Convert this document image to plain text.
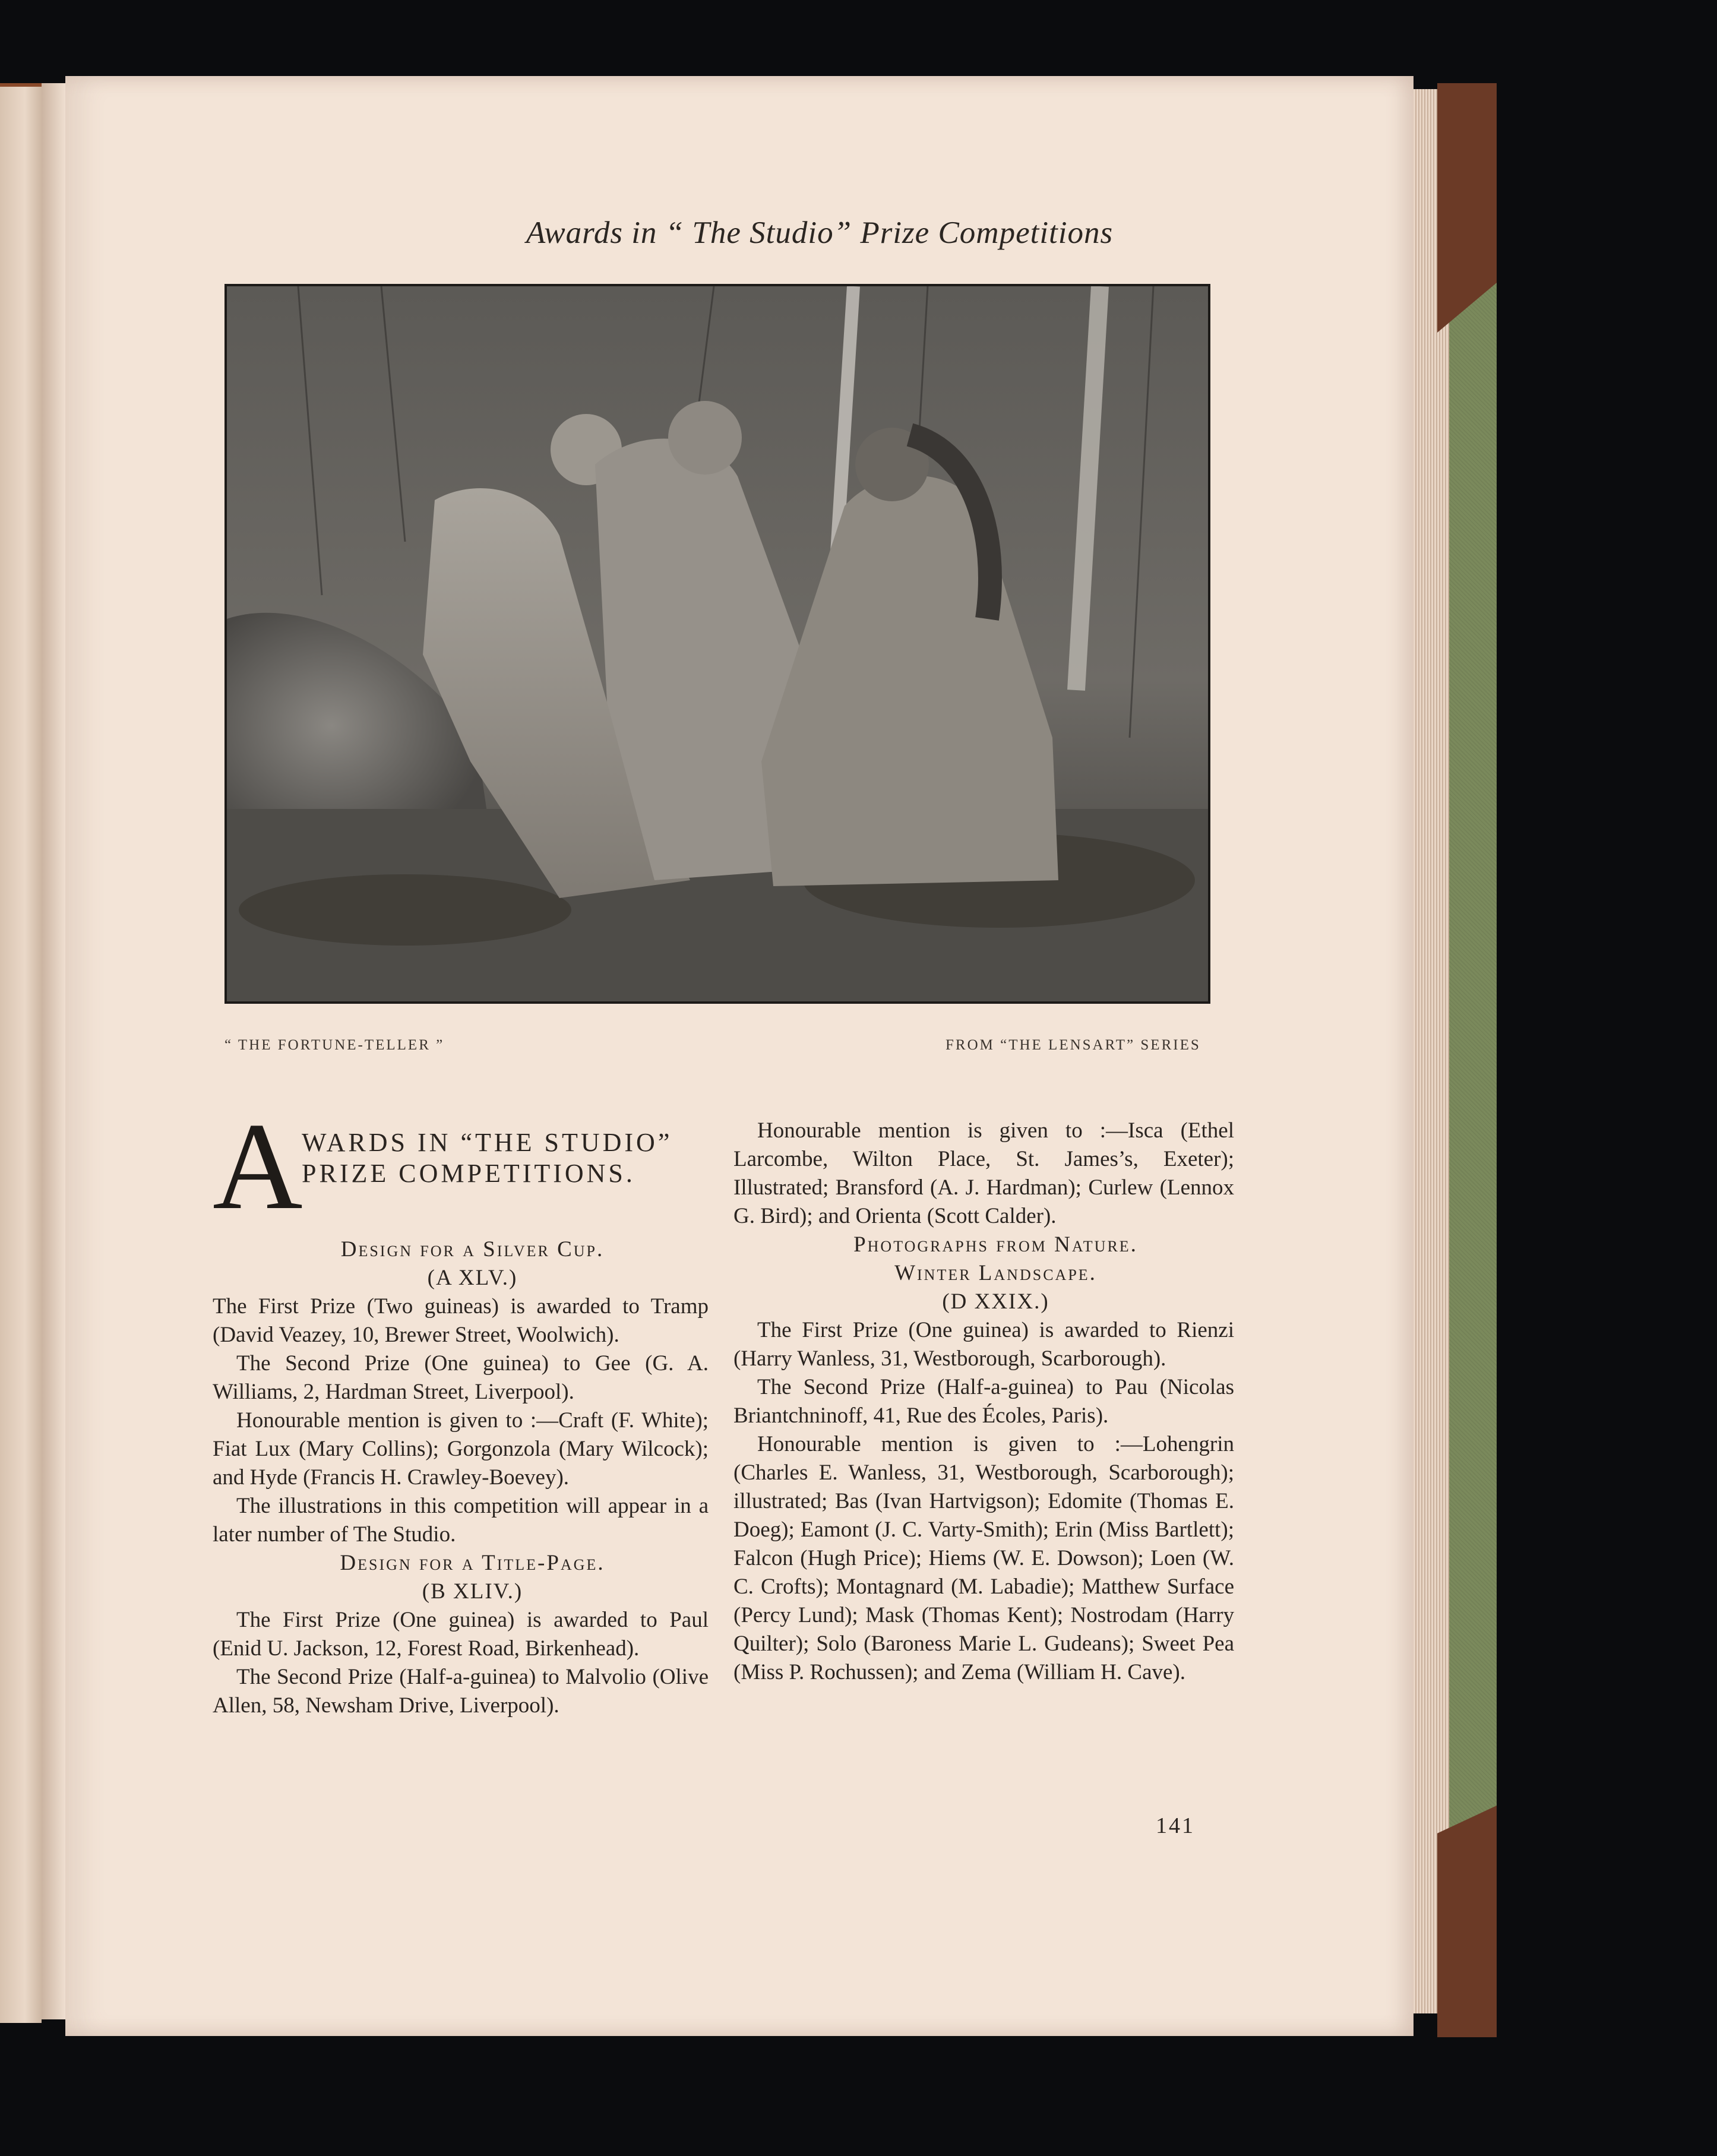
Awards in “ The Studio” Prize Competitions
“ THE FORTUNE-TELLER ”	FROM “THE LENSART” SERIES
A
WARDS IN “THE STUDIO”
PRIZE COMPETITIONS.

Design for a Silver Cup.

(A XLV.)

The First Prize (Two guineas) is awarded to Tramp (David Veazey, 10, Brewer Street, Woolwich).

The Second Prize (One guinea) to Gee (G. A. Williams, 2, Hardman Street, Liverpool).

Honourable mention is given to :—Craft (F. White); Fiat Lux (Mary Collins); Gorgonzola (Mary Wilcock); and Hyde (Francis H. Crawley-Boevey).

The illustrations in this competition will appear in a later number of The Studio.

Design for a Title-Page.

(B XLIV.)

The First Prize (One guinea) is awarded to Paul (Enid U. Jackson, 12, Forest Road, Birkenhead).

The Second Prize (Half-a-guinea) to Malvolio (Olive Allen, 58, Newsham Drive, Liverpool).

Honourable mention is given to :—Isca (Ethel Larcombe, Wilton Place, St. James’s, Exeter); Illustrated; Bransford (A. J. Hardman); Curlew (Lennox G. Bird); and Orienta (Scott Calder).

Photographs from Nature.

Winter Landscape.

(D XXIX.)

The First Prize (One guinea) is awarded to Rienzi (Harry Wanless, 31, Westborough, Scarborough).

The Second Prize (Half-a-guinea) to Pau (Nicolas Briantchninoff, 41, Rue des Écoles, Paris).

Honourable mention is given to :—Lohengrin (Charles E. Wanless, 31, Westborough, Scarborough); illustrated; Bas (Ivan Hartvigson); Edomite (Thomas E. Doeg); Eamont (J. C. Varty-Smith); Erin (Miss Bartlett); Falcon (Hugh Price); Hiems (W. E. Dowson); Loen (W. C. Crofts); Montagnard (M. Labadie); Matthew Surface (Percy Lund); Mask (Thomas Kent); Nostrodam (Harry Quilter); Solo (Baroness Marie L. Gudeans); Sweet Pea (Miss P. Rochussen); and Zema (William H. Cave).

141
